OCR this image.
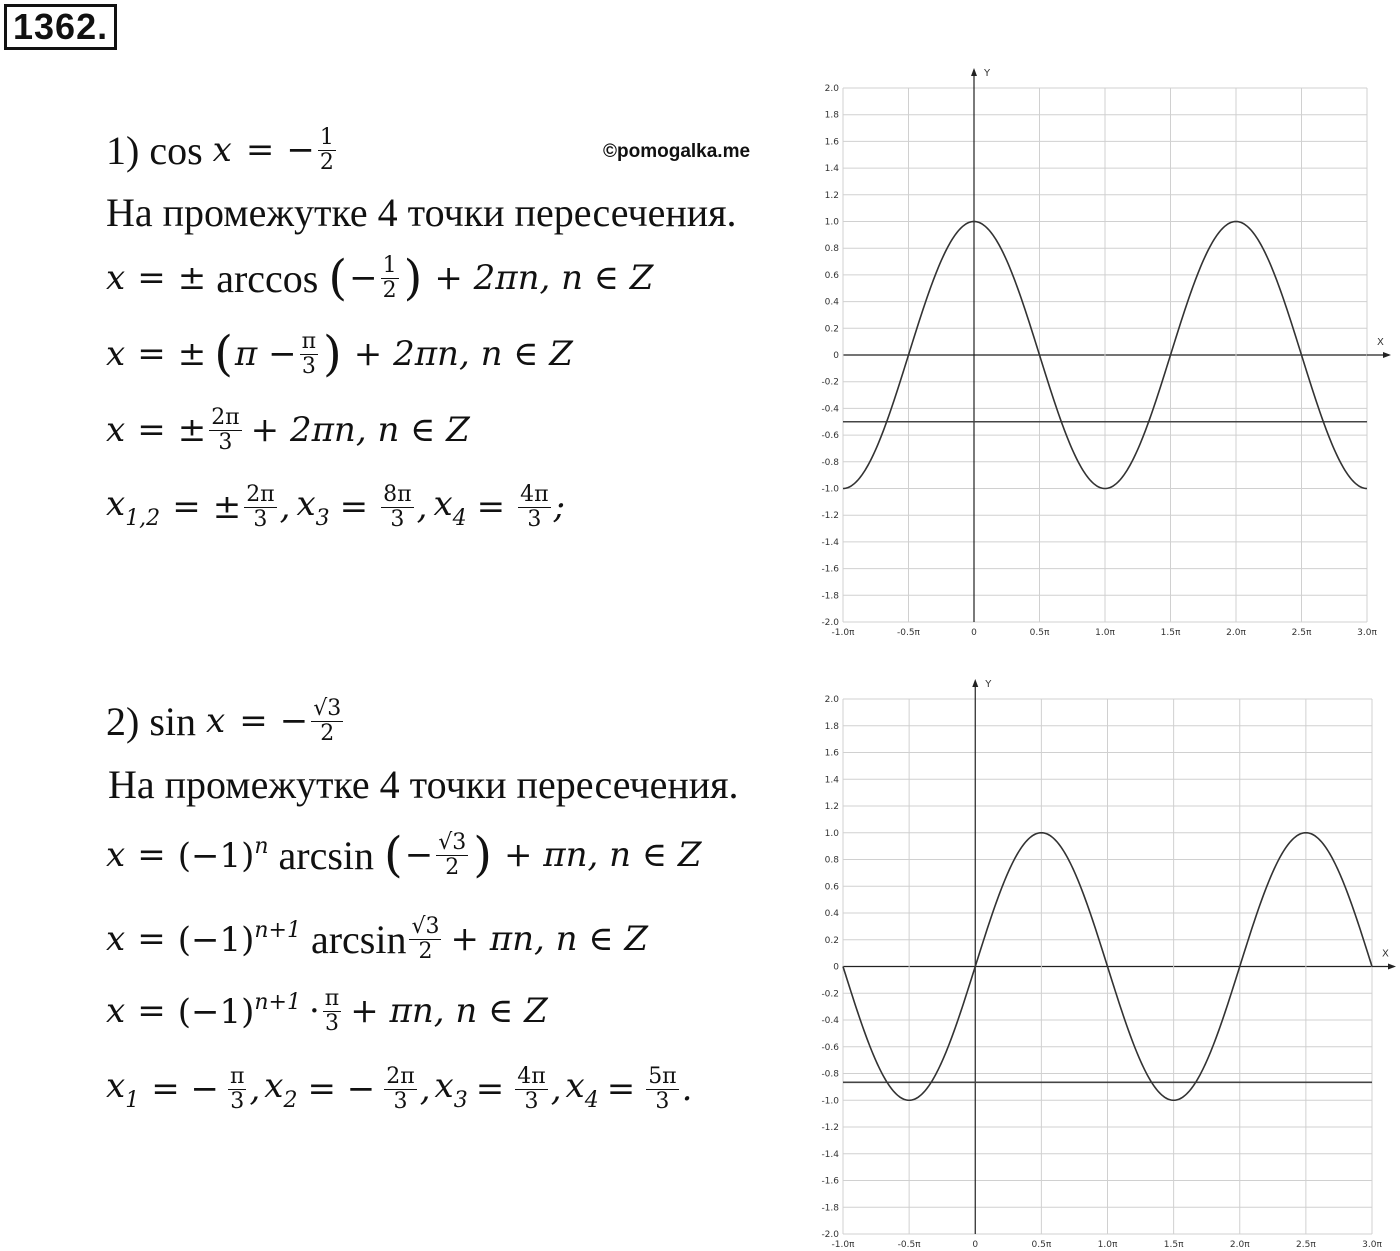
1362.
©pomogalka.me
1) cos x = − $\frac{1}{2}$
На промежутке 4 точки пересечения.
x = ± arccos ( − $\frac{1}{2}$ ) + 2πn, n ∈ Z
x = ± ( $\pi - \frac{\pi}{3}$ ) + 2πn, n ∈ Z
x = ± $\frac{2\pi}{3} + 2\pi n$, n ∈ Z
$x_{1,2}$ = ± $\frac{2\pi}{3}$ , $x_3 = \frac{8\pi}{3}$ , $x_4 = \frac{4\pi}{3}$ ;
2) sin x = − $\frac{√3}{2}$
На промежутке 4 точки пересечения.
$x = (-1)^n$ arcsin ( − $\frac{√3}{2}$ ) + πn, n ∈ Z
$x = (-1)^{n+1}$ $\arcsin \frac{√3}{2} + \pi n$, n ∈ Z
$x = (-1)^{n+1} \cdot \frac{\pi}{3} + \pi n$, n ∈ Z
$x_1$ = − $\frac{\pi}{3}$ , $x_2$ = − $\frac{2\pi}{3}$ , $x_3 = \frac{4\pi}{3}$ , $x_4 = \frac{5\pi}{3}$ .
2.0
1.8
1.6
1.4
1.2
1.0
0.8
0.6
0.4
0.2
0
-0.2
-0.4
-0.6
-0.8
-1.0
-1.2
-1.4
-1.6
-1.8
-2.0
-1.0π	-0.5π	0	0.5π	1.0π	1.5π	2.0π	2.5π	3.0π
Y
X
2.0
1.8
1.6
1.4
1.2
1.0
0.8
0.6
0.4
0.2
0
-0.2
-0.4
-0.6
-0.8
-1.0
-1.2
-1.4
-1.6
-1.8
-2.0
-1.0π	-0.5π	0	0.5π	1.0π	1.5π	2.0π	2.5π	3.0π
Y
X
